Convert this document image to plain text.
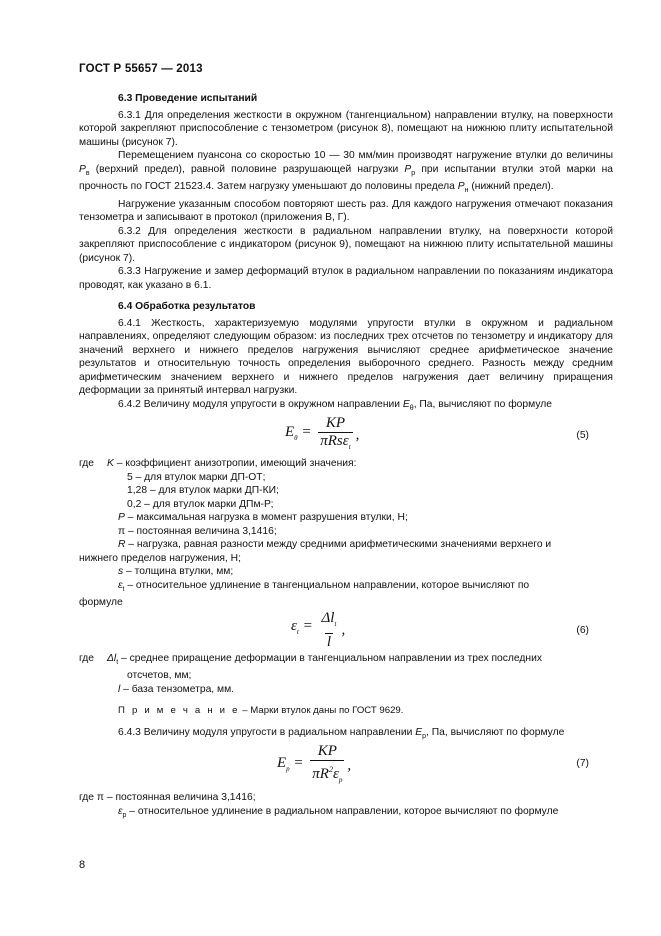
ГОСТ Р 55657 — 2013

6.3 Проведение испытаний

6.3.1 Для определения жесткости в окружном (тангенциальном) направлении втулку, на поверхности которой закрепляют приспособление с тензометром (рисунок 8), помещают на нижнюю плиту испытательной машины (рисунок 7).

Перемещением пуансона со скоростью 10 — 30 мм/мин производят нагружение втулки до величины $P_в$ (верхний предел), равной половине разрушающей нагрузки $P_р$ при испытании втулки этой марки на прочность по ГОСТ 21523.4. Затем нагрузку уменьшают до половины предела $P_н$ (нижний предел).

Нагружение указанным способом повторяют шесть раз. Для каждого нагружения отмечают показания тензометра и записывают в протокол (приложения В, Г).

6.3.2 Для определения жесткости в радиальном направлении втулку, на поверхности которой закрепляют приспособление с индикатором (рисунок 9), помещают на нижнюю плиту испытательной машины (рисунок 7).

6.3.3 Нагружение и замер деформаций втулок в радиальном направлении по показаниям индикатора проводят, как указано в 6.1.

6.4 Обработка результатов

6.4.1 Жесткость, характеризуемую модулями упругости втулки в окружном и радиальном направлениях, определяют следующим образом: из последних трех отсчетов по тензометру и индикатору для значений верхнего и нижнего пределов нагружения вычисляют среднее арифметическое значение результатов и относительную точность определения выборочного среднего. Разность между средним арифметическим значением верхнего и нижнего пределов нагружения дает величину приращения деформации за принятый интервал нагрузки.

6.4.2 Величину модуля упругости в окружном направлении $E_\theta$, Па, вычисляют по формуле

$E_\theta = \frac{KP}{\pi Rs\varepsilon_t}$ ,	(5)
где	K – коэффициент анизотропии, имеющий значения:

5 – для втулок марки ДП-ОТ;

1,28 – для втулок марки ДП-КИ;

0,2 – для втулок марки ДПм-Р;

P – максимальная нагрузка в момент разрушения втулки, Н;

π – постоянная величина 3,1416;

R – нагрузка, равная разности между средними арифметическими значениями верхнего и

нижнего пределов нагружения, Н;

s – толщина втулки, мм;

$\varepsilon_t$ – относительное удлинение в тангенциальном направлении, которое вычисляют по

формуле

$\varepsilon_t = \frac{\Delta l_t}{l}$ ,	(6)
где	$\Delta l_t$ – среднее приращение деформации в тангенциальном направлении из трех последних

отсчетов, мм;

l – база тензометра, мм.

П р и м е ч а н и е – Марки втулок даны по ГОСТ 9629.

6.4.3 Величину модуля упругости в радиальном направлении $E_р$, Па, вычисляют по формуле

$E_p = \frac{KP}{\pi R^2\varepsilon_p}$ ,	(7)

где π – постоянная величина 3,1416;

$\varepsilon_р$ – относительное удлинение в радиальном направлении, которое вычисляют по формуле

8
